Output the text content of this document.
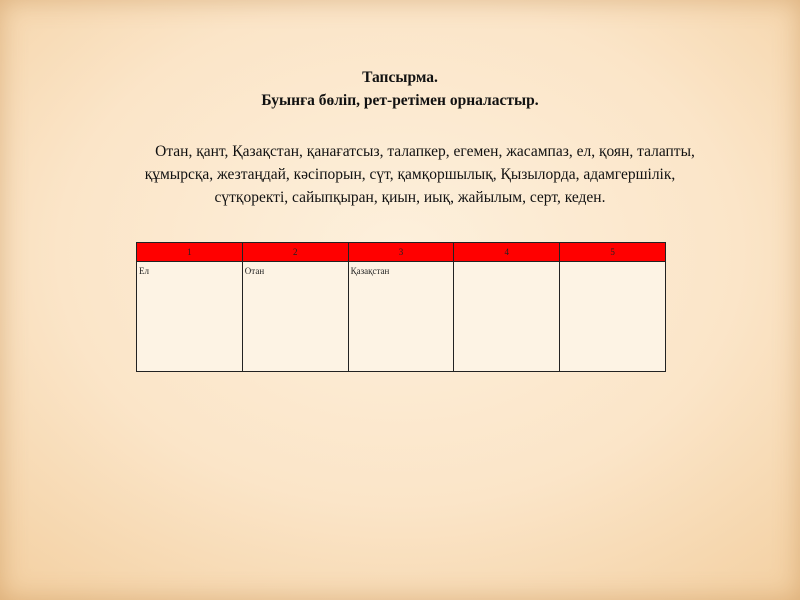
Тапсырма.
Буынға бөліп, рет-ретімен орналастыр.
Отан, қант, Қазақстан, қанағатсыз, талапкер, егемен, жасампаз, ел, қоян, талапты,
құмырсқа, жезтаңдай, кәсіпорын, сүт, қамқоршылық, Қызылорда, адамгершілік,
сүтқоректі, сайыпқыран, қиын, иық, жайылым, серт, кеден.
1	2	3	4	5
Ел	Отан	Қазақстан		
